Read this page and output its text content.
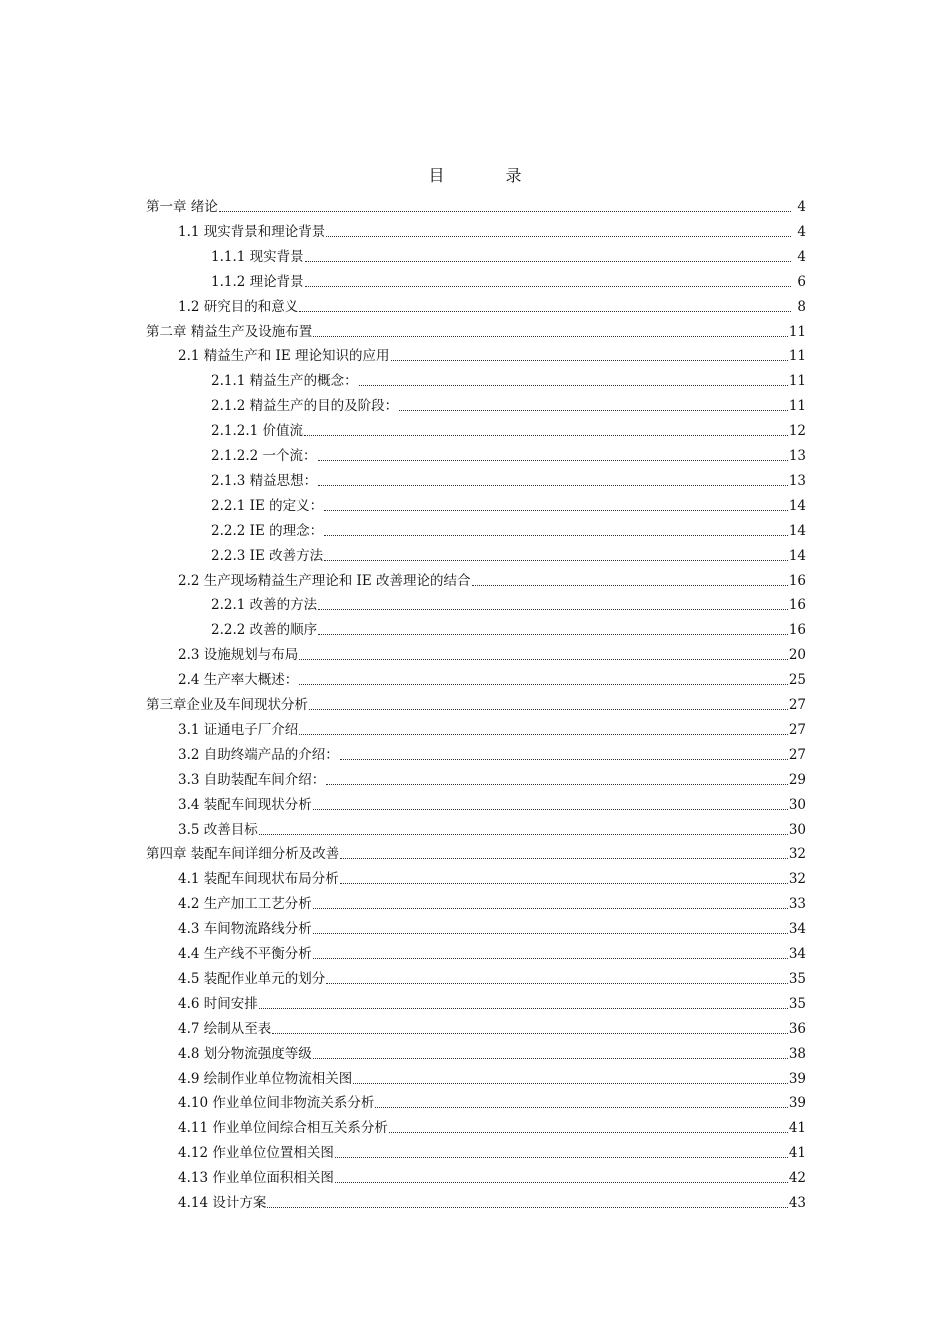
目 录
第一章 绪论	4
1.1 现实背景和理论背景	4
1.1.1 现实背景	4
1.1.2 理论背景	6
1.2 研究目的和意义	8
第二章 精益生产及设施布置	11
2.1 精益生产和 IE 理论知识的应用	11
2.1.1 精益生产的概念：	11
2.1.2 精益生产的目的及阶段：	11
2.1.2.1 价值流	12
2.1.2.2 一个流：	13
2.1.3 精益思想：	13
2.2.1 IE 的定义：	14
2.2.2 IE 的理念：	14
2.2.3 IE 改善方法	14
2.2 生产现场精益生产理论和 IE 改善理论的结合	16
2.2.1 改善的方法	16
2.2.2 改善的顺序	16
2.3 设施规划与布局	20
2.4 生产率大概述：	25
第三章企业及车间现状分析	27
3.1 证通电子厂介绍	27
3.2 自助终端产品的介绍：	27
3.3 自助装配车间介绍：	29
3.4 装配车间现状分析	30
3.5 改善目标	30
第四章 装配车间详细分析及改善	32
4.1 装配车间现状布局分析	32
4.2 生产加工工艺分析	33
4.3 车间物流路线分析	34
4.4 生产线不平衡分析	34
4.5 装配作业单元的划分	35
4.6 时间安排	35
4.7 绘制从至表	36
4.8 划分物流强度等级	38
4.9 绘制作业单位物流相关图	39
4.10 作业单位间非物流关系分析	39
4.11 作业单位间综合相互关系分析	41
4.12 作业单位位置相关图	41
4.13 作业单位面积相关图	42
4.14 设计方案	43
